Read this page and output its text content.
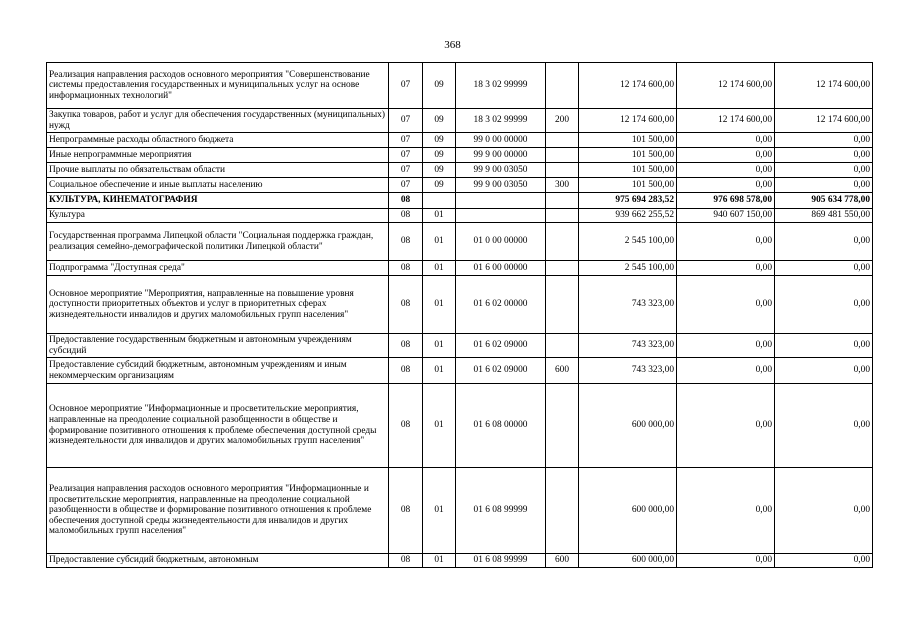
368
Реализация направления расходов основного мероприятия "Совершенствование системы предоставления государственных и муниципальных услуг на основе информационных технологий"	07	09	18 3 02 99999		12 174 600,00	12 174 600,00	12 174 600,00
Закупка товаров, работ и услуг для обеспечения государственных (муниципальных) нужд	07	09	18 3 02 99999	200	12 174 600,00	12 174 600,00	12 174 600,00
Непрограммные расходы областного бюджета	07	09	99 0 00 00000		101 500,00	0,00	0,00
Иные непрограммные мероприятия	07	09	99 9 00 00000		101 500,00	0,00	0,00
Прочие выплаты по обязательствам области	07	09	99 9 00 03050		101 500,00	0,00	0,00
Социальное обеспечение и иные выплаты населению	07	09	99 9 00 03050	300	101 500,00	0,00	0,00
КУЛЬТУРА, КИНЕМАТОГРАФИЯ	08				975 694 283,52	976 698 578,00	905 634 778,00
Культура	08	01			939 662 255,52	940 607 150,00	869 481 550,00
Государственная программа Липецкой области "Социальная поддержка граждан, реализация семейно-демографической политики Липецкой области"	08	01	01 0 00 00000		2 545 100,00	0,00	0,00
Подпрограмма "Доступная среда"	08	01	01 6 00 00000		2 545 100,00	0,00	0,00
Основное мероприятие "Мероприятия, направленные на повышение уровня доступности приоритетных объектов и услуг в приоритетных сферах жизнедеятельности инвалидов и других маломобильных групп населения"	08	01	01 6 02 00000		743 323,00	0,00	0,00
Предоставление государственным бюджетным и автономным учреждениям субсидий	08	01	01 6 02 09000		743 323,00	0,00	0,00
Предоставление субсидий бюджетным, автономным учреждениям и иным некоммерческим организациям	08	01	01 6 02 09000	600	743 323,00	0,00	0,00
Основное мероприятие "Информационные и просветительские мероприятия, направленные на преодоление социальной разобщенности в обществе и формирование позитивного отношения к проблеме обеспечения доступной среды жизнедеятельности для инвалидов и других маломобильных групп населения"	08	01	01 6 08 00000		600 000,00	0,00	0,00
Реализация направления расходов основного мероприятия "Информационные и просветительские мероприятия, направленные на преодоление социальной разобщенности в обществе и формирование позитивного отношения к проблеме обеспечения доступной среды жизнедеятельности для инвалидов и других маломобильных групп населения"	08	01	01 6 08 99999		600 000,00	0,00	0,00
Предоставление субсидий бюджетным, автономным	08	01	01 6 08 99999	600	600 000,00	0,00	0,00
